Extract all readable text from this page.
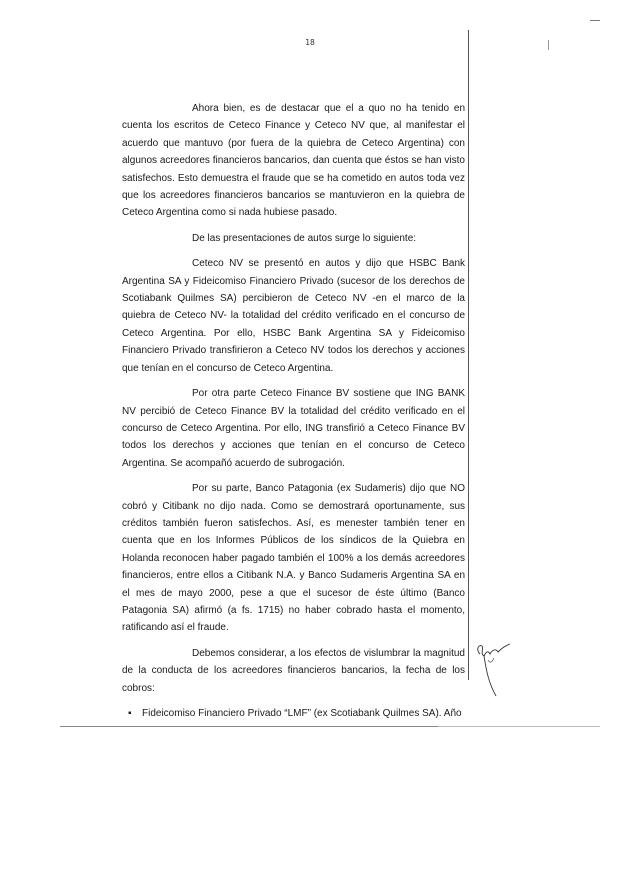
18

Ahora bien, es de destacar que el a quo no ha tenido en cuenta los escritos de Ceteco Finance y Ceteco NV que, al manifestar el acuerdo que mantuvo (por fuera de la quiebra de Ceteco Argentina) con algunos acreedores financieros bancarios, dan cuenta que éstos se han visto satisfechos. Esto demuestra el fraude que se ha cometido en autos toda vez que los acreedores financieros bancarios se mantuvieron en la quiebra de Ceteco Argentina como si nada hubiese pasado.

De las presentaciones de autos surge lo siguiente:

Ceteco NV se presentó en autos y dijo que HSBC Bank Argentina SA y Fideicomiso Financiero Privado (sucesor de los derechos de Scotiabank Quilmes SA) percibieron de Ceteco NV -en el marco de la quiebra de Ceteco NV- la totalidad del crédito verificado en el concurso de Ceteco Argentina. Por ello, HSBC Bank Argentina SA y Fideicomiso Financiero Privado transfirieron a Ceteco NV todos los derechos y acciones que tenían en el concurso de Ceteco Argentina.

Por otra parte Ceteco Finance BV sostiene que ING BANK NV percibió de Ceteco Finance BV la totalidad del crédito verificado en el concurso de Ceteco Argentina. Por ello, ING transfirió a Ceteco Finance BV todos los derechos y acciones que tenían en el concurso de Ceteco Argentina. Se acompañó acuerdo de subrogación.

Por su parte, Banco Patagonia (ex Sudameris) dijo que NO cobró y Citibank no dijo nada. Como se demostrará oportunamente, sus créditos también fueron satisfechos. Así, es menester también tener en cuenta que en los Informes Públicos de los síndicos de la Quiebra en Holanda reconocen haber pagado también el 100% a los demás acreedores financieros, entre ellos a Citibank N.A. y Banco Sudameris Argentina SA en el mes de mayo 2000, pese a que el sucesor de éste último (Banco Patagonia SA) afirmó (a fs. 1715) no haber cobrado hasta el momento, ratificando así el fraude.

Debemos considerar, a los efectos de vislumbrar la magnitud de la conducta de los acreedores financieros bancarios, la fecha de los cobros:

▪ Fideicomiso Financiero Privado “LMF” (ex Scotiabank Quilmes SA). Año
